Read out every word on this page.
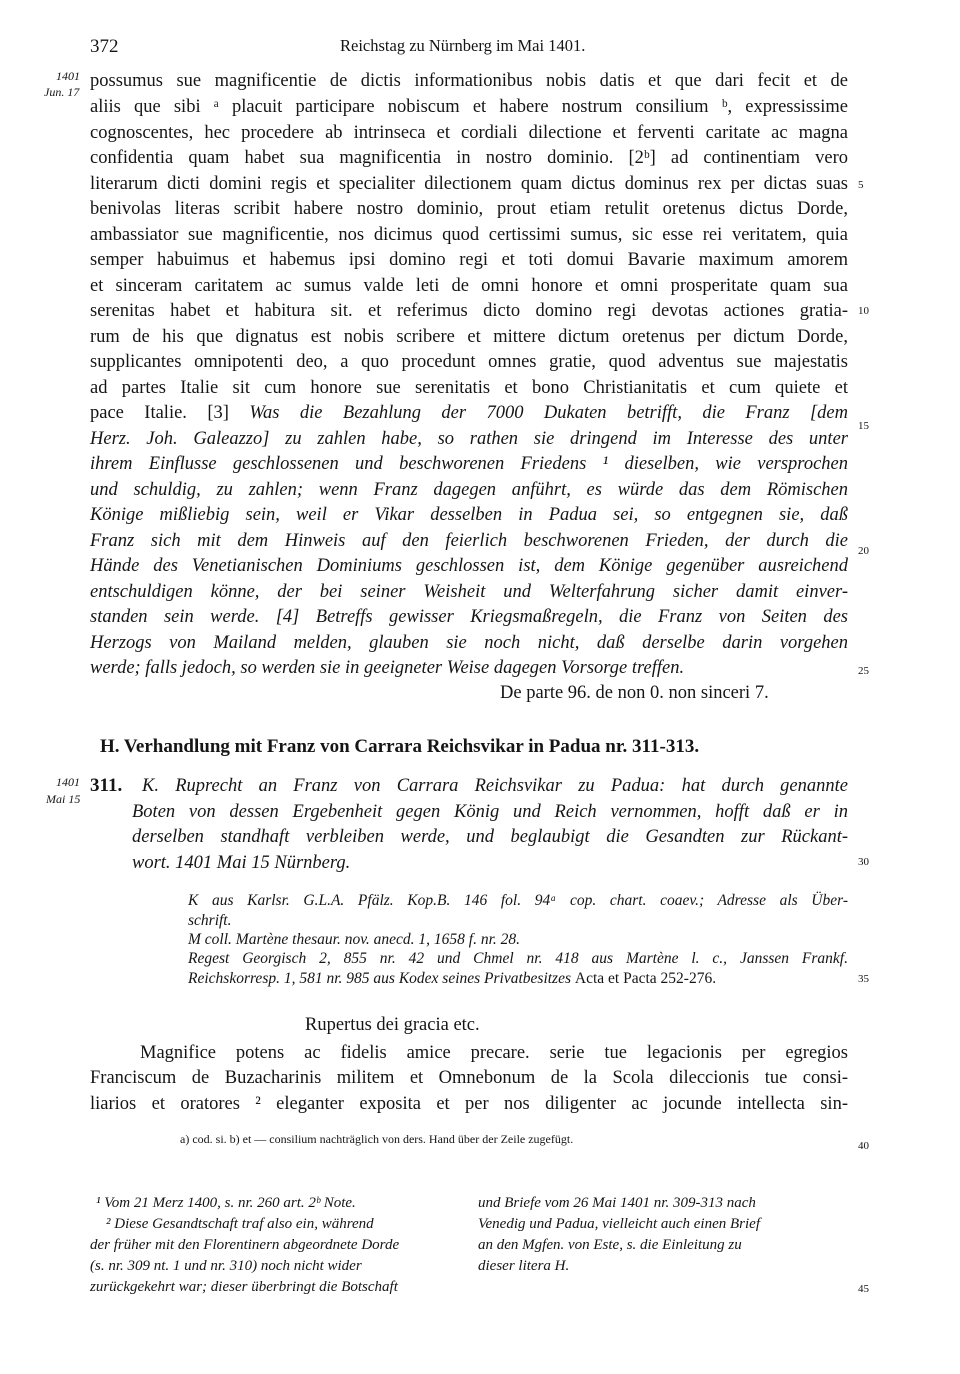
372	Reichstag zu Nürnberg im Mai 1401.
1401
Jun. 17
possumus sue magnificentie de dictis informationibus nobis datis et que dari fecit et de
aliis que sibi ᵃ placuit participare nobiscum et habere nostrum consilium ᵇ, expressissime
cognoscentes, hec procedere ab intrinseca et cordiali dilectione et ferventi caritate ac magna
confidentia quam habet sua magnificentia in nostro dominio. [2ᵇ] ad continentiam vero
literarum dicti domini regis et specialiter dilectionem quam dictus dominus rex per dictas suas
benivolas literas scribit habere nostro dominio, prout etiam retulit oretenus dictus Dorde,
ambassiator sue magnificentie, nos dicimus quod certissimi sumus, sic esse rei veritatem, quia
semper habuimus et habemus ipsi domino regi et toti domui Bavarie maximum amorem
et sinceram caritatem ac sumus valde leti de omni honore et omni prosperitate quam sua
serenitas habet et habitura sit. et referimus dicto domino regi devotas actiones gratia-
rum de his que dignatus est nobis scribere et mittere dictum oretenus per dictum Dorde,
supplicantes omnipotenti deo, a quo procedunt omnes gratie, quod adventus sue majestatis
ad partes Italie sit cum honore sue serenitatis et bono Christianitatis et cum quiete et
pace Italie. [3] Was die Bezahlung der 7000 Dukaten betrifft, die Franz [dem
Herz. Joh. Galeazzo] zu zahlen habe, so rathen sie dringend im Interesse des unter
ihrem Einflusse geschlossenen und beschworenen Friedens ¹ dieselben, wie versprochen
und schuldig, zu zahlen; wenn Franz dagegen anführt, es würde das dem Römischen
Könige mißliebig sein, weil er Vikar desselben in Padua sei, so entgegnen sie, daß
Franz sich mit dem Hinweis auf den feierlich beschworenen Frieden, der durch die
Hände des Venetianischen Dominiums geschlossen ist, dem Könige gegenüber ausreichend
entschuldigen könne, der bei seiner Weisheit und Welterfahrung sicher damit einver-
standen sein werde. [4] Betreffs gewisser Kriegsmaßregeln, die Franz von Seiten des
Herzogs von Mailand melden, glauben sie noch nicht, daß derselbe darin vorgehen
werde; falls jedoch, so werden sie in geeigneter Weise dagegen Vorsorge treffen.
De parte 96. de non 0. non sinceri 7.
5
10
15
20
25
30
35
40
45
H. Verhandlung mit Franz von Carrara Reichsvikar in Padua nr. 311-313.
1401
Mai 15
311. K. Ruprecht an Franz von Carrara Reichsvikar zu Padua: hat durch genannte
Boten von dessen Ergebenheit gegen König und Reich vernommen, hofft daß er in
derselben standhaft verbleiben werde, und beglaubigt die Gesandten zur Rückant-
wort. 1401 Mai 15 Nürnberg.
K aus Karlsr. G.L.A. Pfälz. Kop.B. 146 fol. 94ᵃ cop. chart. coaev.; Adresse als Über-
schrift.
M coll. Martène thesaur. nov. anecd. 1, 1658 f. nr. 28.
Regest Georgisch 2, 855 nr. 42 und Chmel nr. 418 aus Martène l. c., Janssen Frankf.
Reichskorresp. 1, 581 nr. 985 aus Kodex seines Privatbesitzes Acta et Pacta 252-276.
Rupertus dei gracia etc.
Magnifice potens ac fidelis amice precare. serie tue legacionis per egregios
Franciscum de Buzacharinis militem et Omnebonum de la Scola dileccionis tue consi-
liarios et oratores ² eleganter exposita et per nos diligenter ac jocunde intellecta sin-
a) cod. si. b) et — consilium nachträglich von ders. Hand über der Zeile zugefügt.
¹ Vom 21 Merz 1400, s. nr. 260 art. 2ᵇ Note.
² Diese Gesandtschaft traf also ein, während
der früher mit den Florentinern abgeordnete Dorde
(s. nr. 309 nt. 1 und nr. 310) noch nicht wider
zurückgekehrt war; dieser überbringt die Botschaft
und Briefe vom 26 Mai 1401 nr. 309-313 nach
Venedig und Padua, vielleicht auch einen Brief
an den Mgfen. von Este, s. die Einleitung zu
dieser litera H.
